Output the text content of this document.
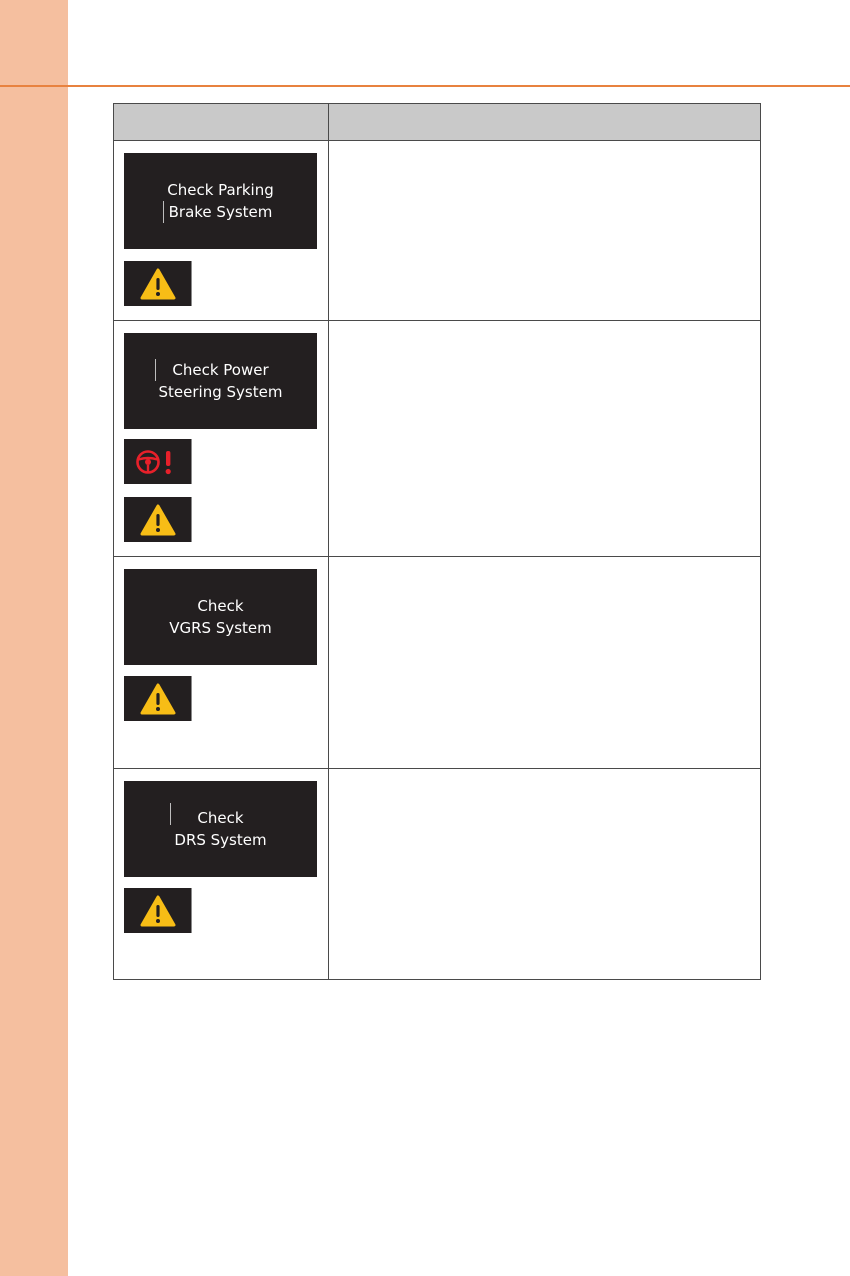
Check Parking
Brake System	

Check Power
Steering System	

Check
VGRS System	

Check
DRS System	
